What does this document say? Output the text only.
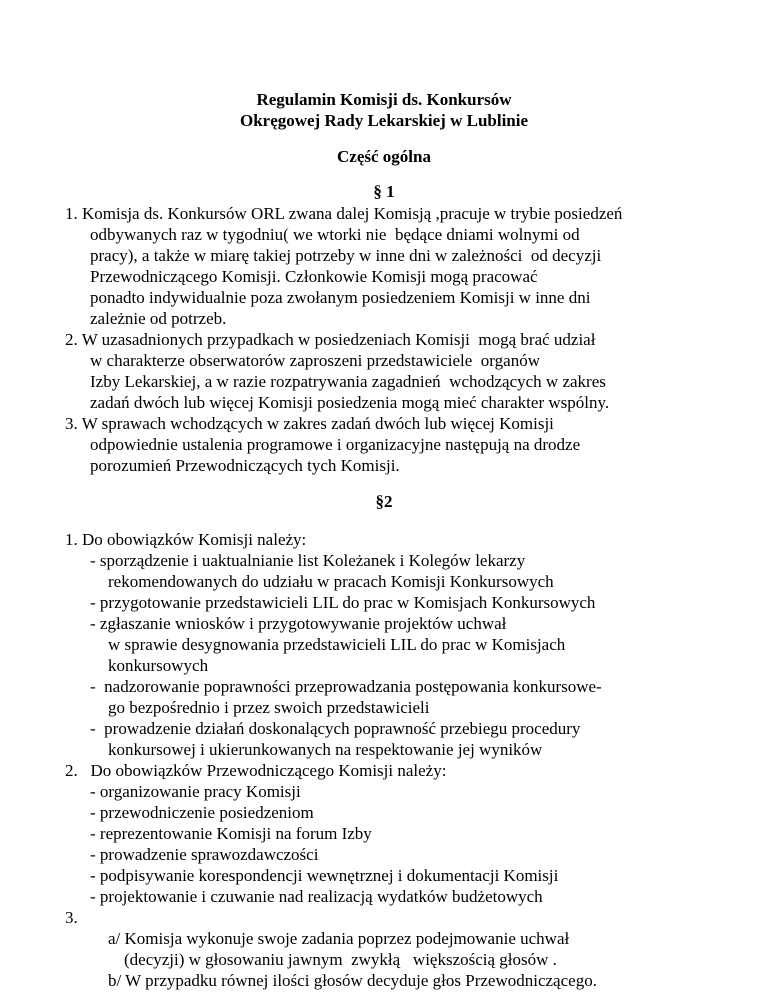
Regulamin Komisji ds. Konkursów
Okręgowej Rady Lekarskiej w Lublinie
Część ogólna
§ 1
1. Komisja ds. Konkursów ORL zwana dalej Komisją ,pracuje w trybie posiedzeń
odbywanych raz w tygodniu( we wtorki nie  będące dniami wolnymi od
pracy), a także w miarę takiej potrzeby w inne dni w zależności  od decyzji
Przewodniczącego Komisji. Członkowie Komisji mogą pracować
ponadto indywidualnie poza zwołanym posiedzeniem Komisji w inne dni
zależnie od potrzeb.
2. W uzasadnionych przypadkach w posiedzeniach Komisji  mogą brać udział
w charakterze obserwatorów zaproszeni przedstawiciele  organów
Izby Lekarskiej, a w razie rozpatrywania zagadnień  wchodzących w zakres
zadań dwóch lub więcej Komisji posiedzenia mogą mieć charakter wspólny.
3. W sprawach wchodzących w zakres zadań dwóch lub więcej Komisji
odpowiednie ustalenia programowe i organizacyjne następują na drodze
porozumień Przewodniczących tych Komisji.
§2
1. Do obowiązków Komisji należy:
- sporządzenie i uaktualnianie list Koleżanek i Kolegów lekarzy
rekomendowanych do udziału w pracach Komisji Konkursowych
- przygotowanie przedstawicieli LIL do prac w Komisjach Konkursowych
- zgłaszanie wniosków i przygotowywanie projektów uchwał
w sprawie desygnowania przedstawicieli LIL do prac w Komisjach
konkursowych
-  nadzorowanie poprawności przeprowadzania postępowania konkursowe-
go bezpośrednio i przez swoich przedstawicieli
-  prowadzenie działań doskonalących poprawność przebiegu procedury
konkursowej i ukierunkowanych na respektowanie jej wyników
2.   Do obowiązków Przewodniczącego Komisji należy:
- organizowanie pracy Komisji
- przewodniczenie posiedzeniom
- reprezentowanie Komisji na forum Izby
- prowadzenie sprawozdawczości
- podpisywanie korespondencji wewnętrznej i dokumentacji Komisji
- projektowanie i czuwanie nad realizacją wydatków budżetowych
3.
a/ Komisja wykonuje swoje zadania poprzez podejmowanie uchwał
(decyzji) w głosowaniu jawnym  zwykłą   większością głosów .
b/ W przypadku równej ilości głosów decyduje głos Przewodniczącego.
